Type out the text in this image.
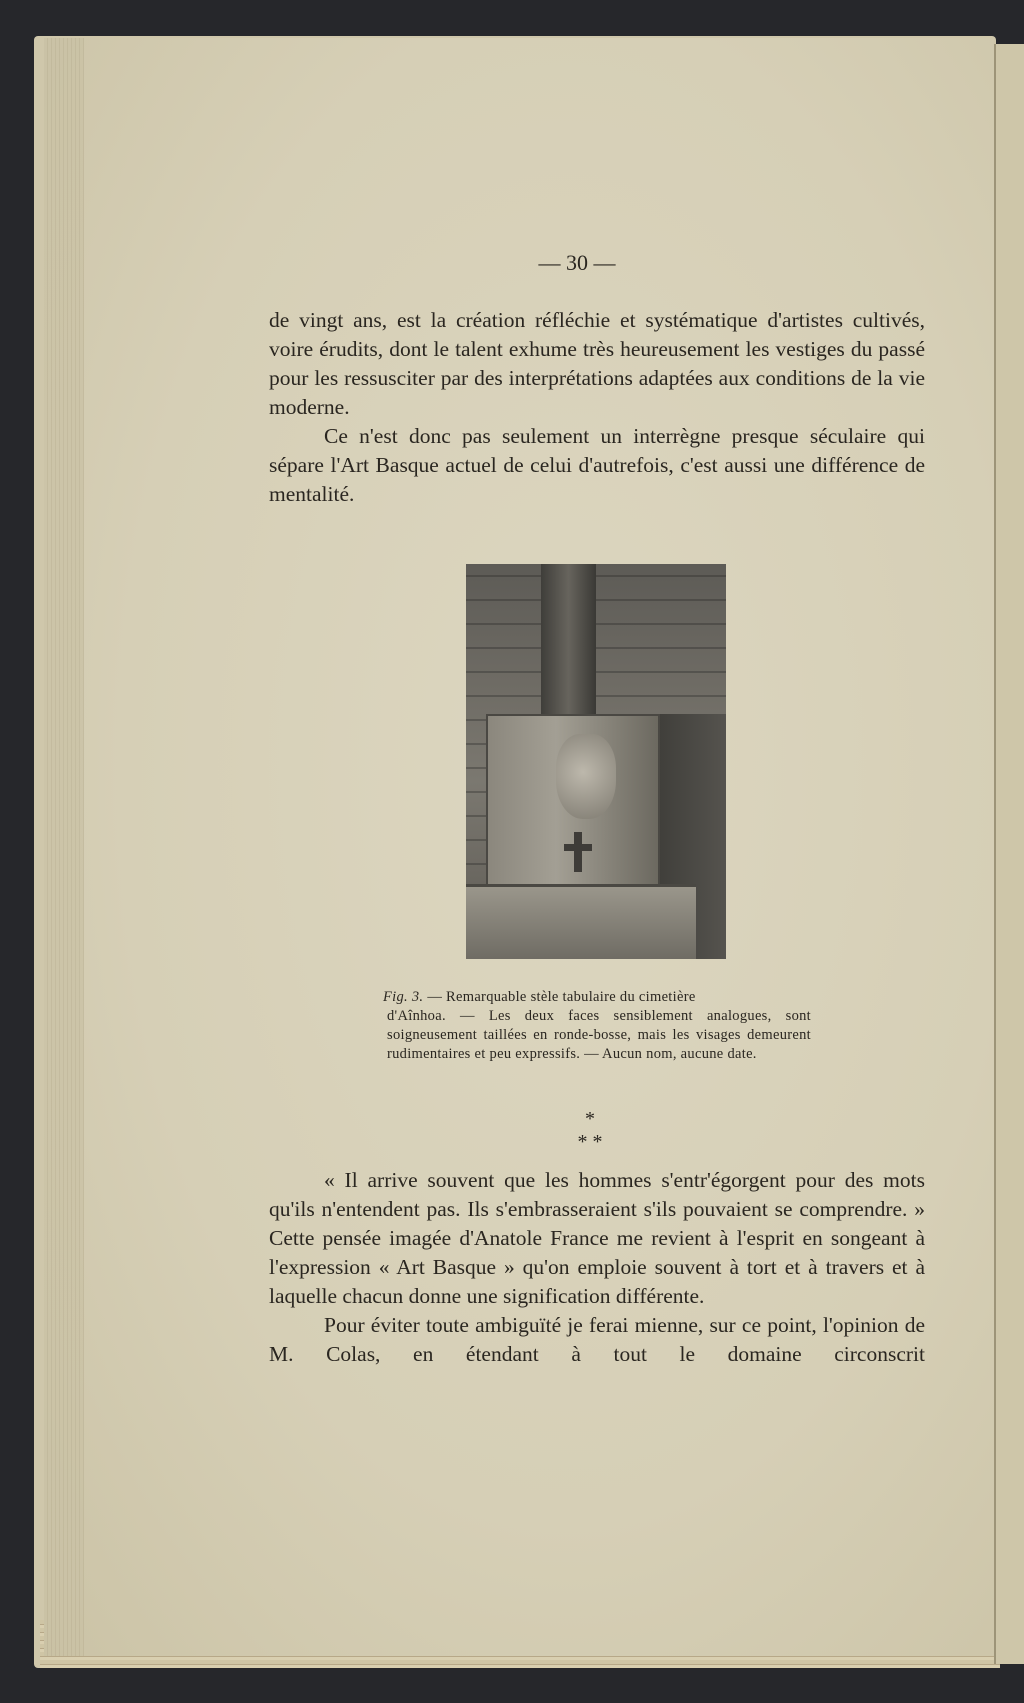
— 30 —

de vingt ans, est la création réfléchie et systématique d'artistes cultivés, voire érudits, dont le talent exhume très heureusement les vestiges du passé pour les ressusciter par des interprétations adaptées aux conditions de la vie moderne.

Ce n'est donc pas seulement un interrègne presque séculaire qui sépare l'Art Basque actuel de celui d'autrefois, c'est aussi une différence de mentalité.

Fig. 3. — Remarquable stèle tabulaire du cimetière

d'Aînhoa. — Les deux faces sensiblement analogues, sont soigneusement taillées en ronde-bosse, mais les visages demeurent rudimentaires et peu expressifs. — Aucun nom, aucune date.

*
* *

« Il arrive souvent que les hommes s'entr'égorgent pour des mots qu'ils n'entendent pas. Ils s'embrasseraient s'ils pouvaient se comprendre. » Cette pensée imagée d'Anatole France me revient à l'esprit en songeant à l'expression « Art Basque » qu'on emploie souvent à tort et à travers et à laquelle chacun donne une signification différente.

Pour éviter toute ambiguïté je ferai mienne, sur ce point, l'opinion de M. Colas, en étendant à tout le domaine circonscrit
